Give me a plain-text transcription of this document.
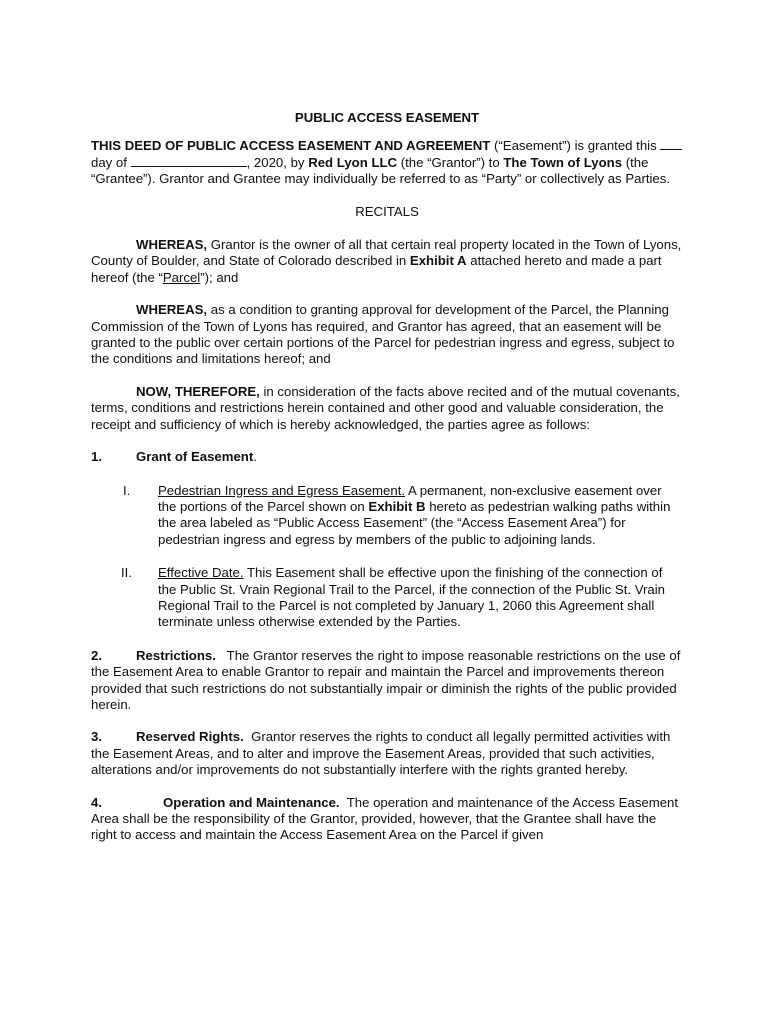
PUBLIC ACCESS EASEMENT

THIS DEED OF PUBLIC ACCESS EASEMENT AND AGREEMENT (“Easement”) is granted this day of	, 2020, by Red Lyon LLC (the “Grantor”) to The Town of Lyons (the “Grantee”). Grantor and Grantee may individually be referred to as “Party” or collectively as Parties.

RECITALS

WHEREAS, Grantor is the owner of all that certain real property located in the Town of Lyons, County of Boulder, and State of Colorado described in Exhibit A attached hereto and made a part hereof (the “Parcel”); and

WHEREAS, as a condition to granting approval for development of the Parcel, the Planning Commission of the Town of Lyons has required, and Grantor has agreed, that an easement will be granted to the public over certain portions of the Parcel for pedestrian ingress and egress, subject to the conditions and limitations hereof; and

NOW, THEREFORE, in consideration of the facts above recited and of the mutual covenants, terms, conditions and restrictions herein contained and other good and valuable consideration, the receipt and sufficiency of which is hereby acknowledged, the parties agree as follows:

1.	Grant of Easement.
I. Pedestrian Ingress and Egress Easement. A permanent, non-exclusive easement over the portions of the Parcel shown on Exhibit B hereto as pedestrian walking paths within the area labeled as “Public Access Easement” (the “Access Easement Area”) for pedestrian ingress and egress by members of the public to adjoining lands.
II. Effective Date. This Easement shall be effective upon the finishing of the connection of the Public St. Vrain Regional Trail to the Parcel, if the connection of the Public St. Vrain Regional Trail to the Parcel is not completed by January 1, 2060 this Agreement shall terminate unless otherwise extended by the Parties.

2.	Restrictions.   The Grantor reserves the right to impose reasonable restrictions on the use of the Easement Area to enable Grantor to repair and maintain the Parcel and improvements thereon provided that such restrictions do not substantially impair or diminish the rights of the public provided herein.

3.	Reserved Rights.  Grantor reserves the rights to conduct all legally permitted activities with the Easement Areas, and to alter and improve the Easement Areas, provided that such activities, alterations and/or improvements do not substantially interfere with the rights granted hereby.

4.	Operation and Maintenance.  The operation and maintenance of the Access Easement Area shall be the responsibility of the Grantor, provided, however, that the Grantee shall have the right to access and maintain the Access Easement Area on the Parcel if given
